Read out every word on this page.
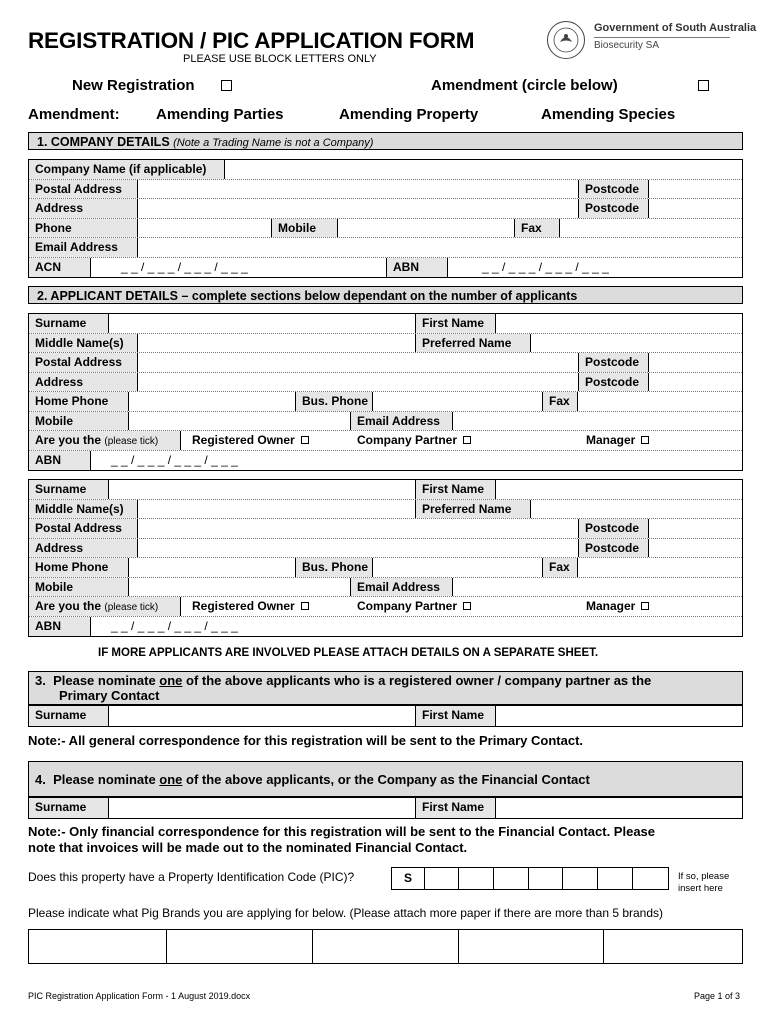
REGISTRATION / PIC APPLICATION FORM
PLEASE USE BLOCK LETTERS ONLY
Government of South Australia
Biosecurity SA
New Registration	Amendment (circle below)
Amendment: Amending Parties	Amending Property	Amending Species
1. COMPANY DETAILS (Note a Trading Name is not a Company)
Company Name (if applicable)
Postal Address	Postcode
Address	Postcode
Phone	Mobile	Fax
Email Address
ACN	_ _ / _ _ _ / _ _ _ / _ _ _	ABN	_ _ / _ _ _ / _ _ _ / _ _ _
2. APPLICANT DETAILS – complete sections below dependant on the number of applicants
Surname	First Name
Middle Name(s)	Preferred Name
Postal Address	Postcode
Address	Postcode
Home Phone	Bus. Phone	Fax
Mobile	Email Address
Are you the (please tick)	Registered Owner	Company Partner	Manager
ABN	_ _ / _ _ _ / _ _ _ / _ _ _
Surname	First Name
Middle Name(s)	Preferred Name
Postal Address	Postcode
Address	Postcode
Home Phone	Bus. Phone	Fax
Mobile	Email Address
Are you the (please tick)	Registered Owner	Company Partner	Manager
ABN	_ _ / _ _ _ / _ _ _ / _ _ _
IF MORE APPLICANTS ARE INVOLVED PLEASE ATTACH DETAILS ON A SEPARATE SHEET.
3. Please nominate one of the above applicants who is a registered owner / company partner as the
Primary Contact
Surname	First Name
Note:- All general correspondence for this registration will be sent to the Primary Contact.
4. Please nominate one of the above applicants, or the Company as the Financial Contact
Surname	First Name
Note:- Only financial correspondence for this registration will be sent to the Financial Contact. Please
note that invoices will be made out to the nominated Financial Contact.
Does this property have a Property Identification Code (PIC)?	S	If so, please
insert here
Please indicate what Pig Brands you are applying for below. (Please attach more paper if there are more than 5 brands)
PIC Registration Application Form - 1 August 2019.docx	Page 1 of 3
